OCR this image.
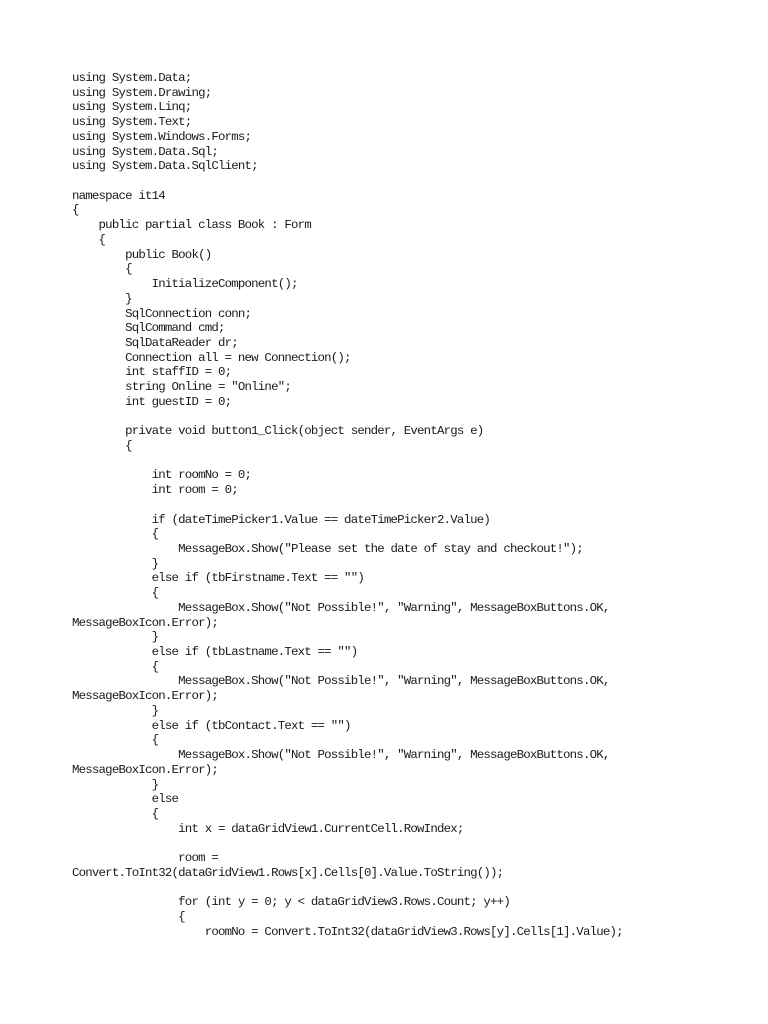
using System.Data;
using System.Drawing;
using System.Linq;
using System.Text;
using System.Windows.Forms;
using System.Data.Sql;
using System.Data.SqlClient;
namespace it14
{
public partial class Book : Form
{
public Book()
{
InitializeComponent();
}
SqlConnection conn;
SqlCommand cmd;
SqlDataReader dr;
Connection all = new Connection();
int staffID = 0;
string Online = "Online";
int guestID = 0;
private void button1_Click(object sender, EventArgs e)
{
int roomNo = 0;
int room = 0;
if (dateTimePicker1.Value == dateTimePicker2.Value)
{
MessageBox.Show("Please set the date of stay and checkout!");
}
else if (tbFirstname.Text == "")
{
MessageBox.Show("Not Possible!", "Warning", MessageBoxButtons.OK,
MessageBoxIcon.Error);
}
else if (tbLastname.Text == "")
{
MessageBox.Show("Not Possible!", "Warning", MessageBoxButtons.OK,
MessageBoxIcon.Error);
}
else if (tbContact.Text == "")
{
MessageBox.Show("Not Possible!", "Warning", MessageBoxButtons.OK,
MessageBoxIcon.Error);
}
else
{
int x = dataGridView1.CurrentCell.RowIndex;
room =
Convert.ToInt32(dataGridView1.Rows[x].Cells[0].Value.ToString());
for (int y = 0; y < dataGridView3.Rows.Count; y++)
{
roomNo = Convert.ToInt32(dataGridView3.Rows[y].Cells[1].Value);
